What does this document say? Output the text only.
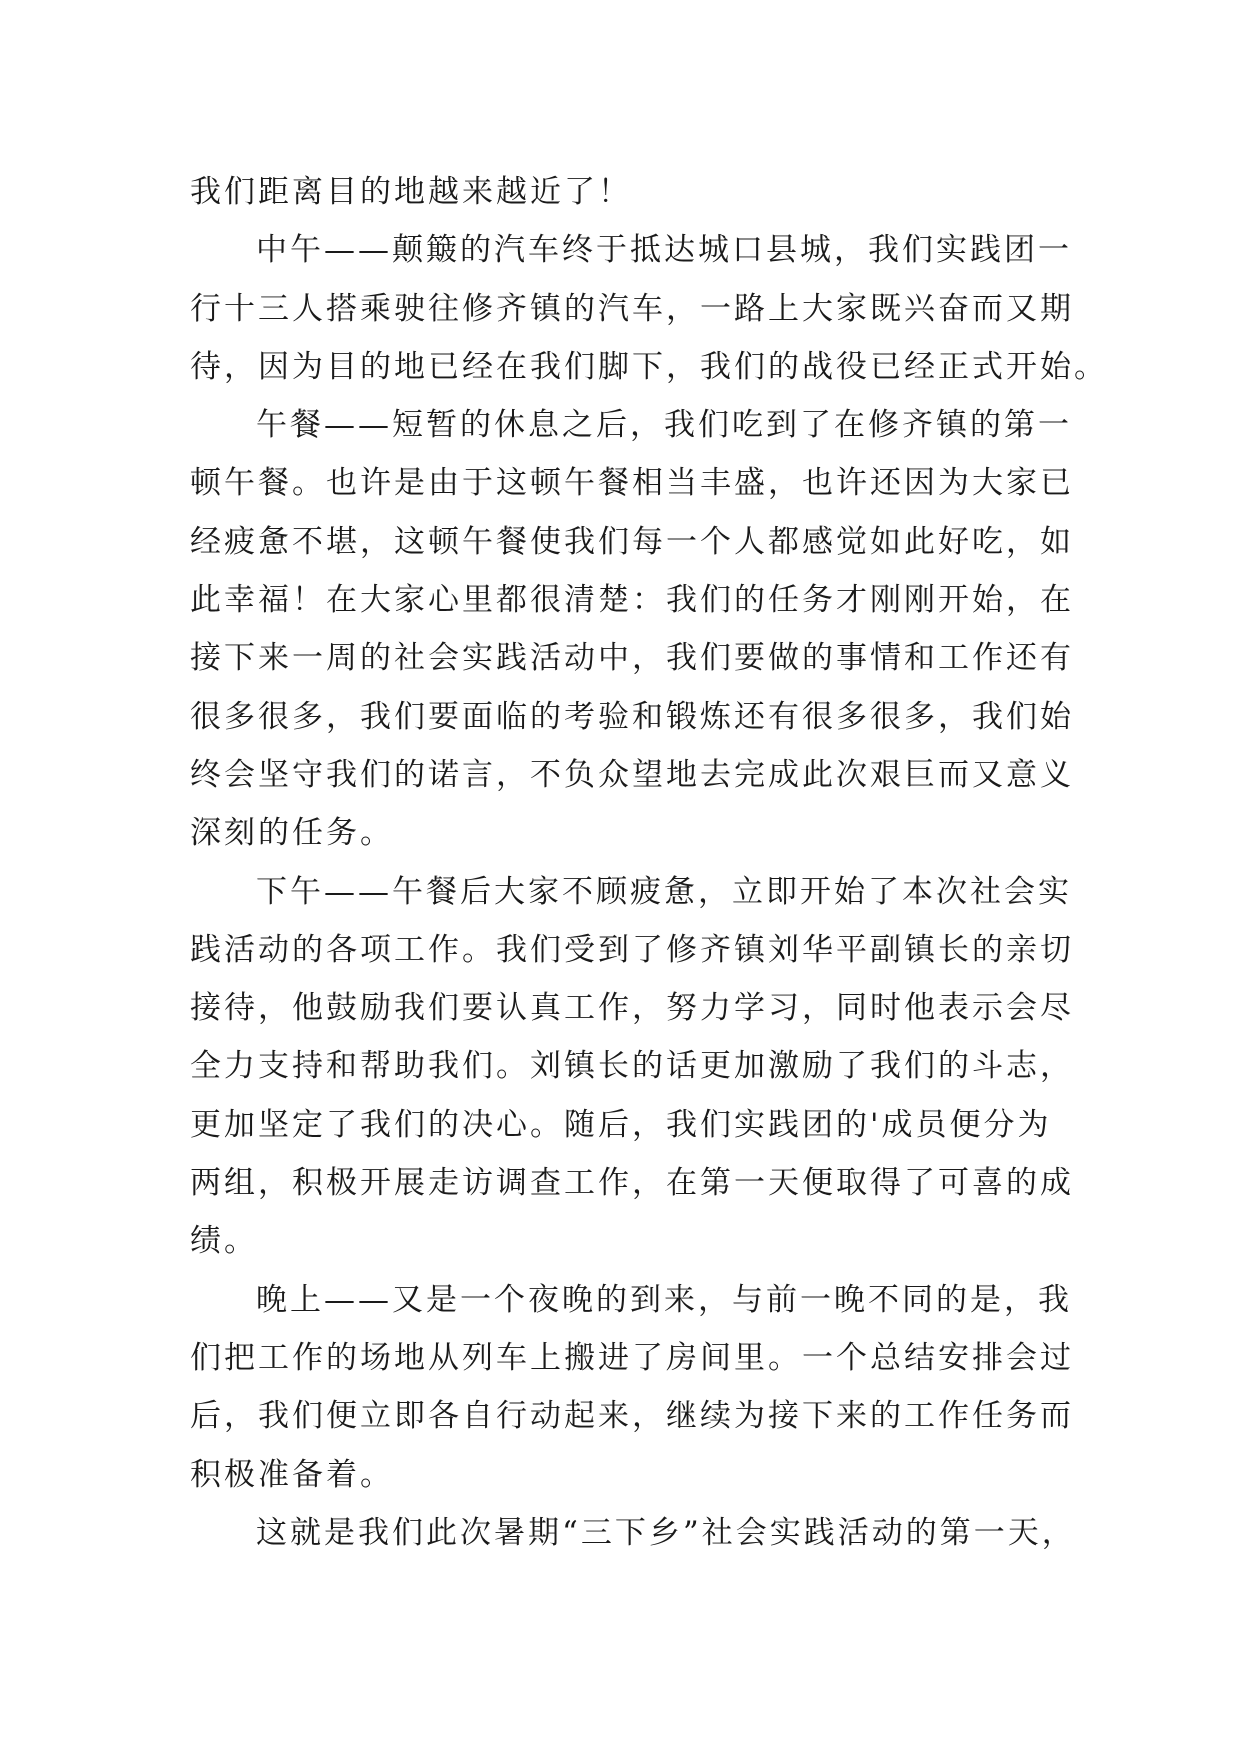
我们距离目的地越来越近了！

中午——颠簸的汽车终于抵达城口县城，我们实践团一

行十三人搭乘驶往修齐镇的汽车，一路上大家既兴奋而又期

待，因为目的地已经在我们脚下，我们的战役已经正式开始。

午餐——短暂的休息之后，我们吃到了在修齐镇的第一

顿午餐。也许是由于这顿午餐相当丰盛，也许还因为大家已

经疲惫不堪，这顿午餐使我们每一个人都感觉如此好吃，如

此幸福！在大家心里都很清楚：我们的任务才刚刚开始，在

接下来一周的社会实践活动中，我们要做的事情和工作还有

很多很多，我们要面临的考验和锻炼还有很多很多，我们始

终会坚守我们的诺言，不负众望地去完成此次艰巨而又意义

深刻的任务。

下午——午餐后大家不顾疲惫，立即开始了本次社会实

践活动的各项工作。我们受到了修齐镇刘华平副镇长的亲切

接待，他鼓励我们要认真工作，努力学习，同时他表示会尽

全力支持和帮助我们。刘镇长的话更加激励了我们的斗志，

更加坚定了我们的决心。随后，我们实践团的'成员便分为

两组，积极开展走访调查工作，在第一天便取得了可喜的成

绩。

晚上——又是一个夜晚的到来，与前一晚不同的是，我

们把工作的场地从列车上搬进了房间里。一个总结安排会过

后，我们便立即各自行动起来，继续为接下来的工作任务而

积极准备着。

这就是我们此次暑期“三下乡”社会实践活动的第一天，
